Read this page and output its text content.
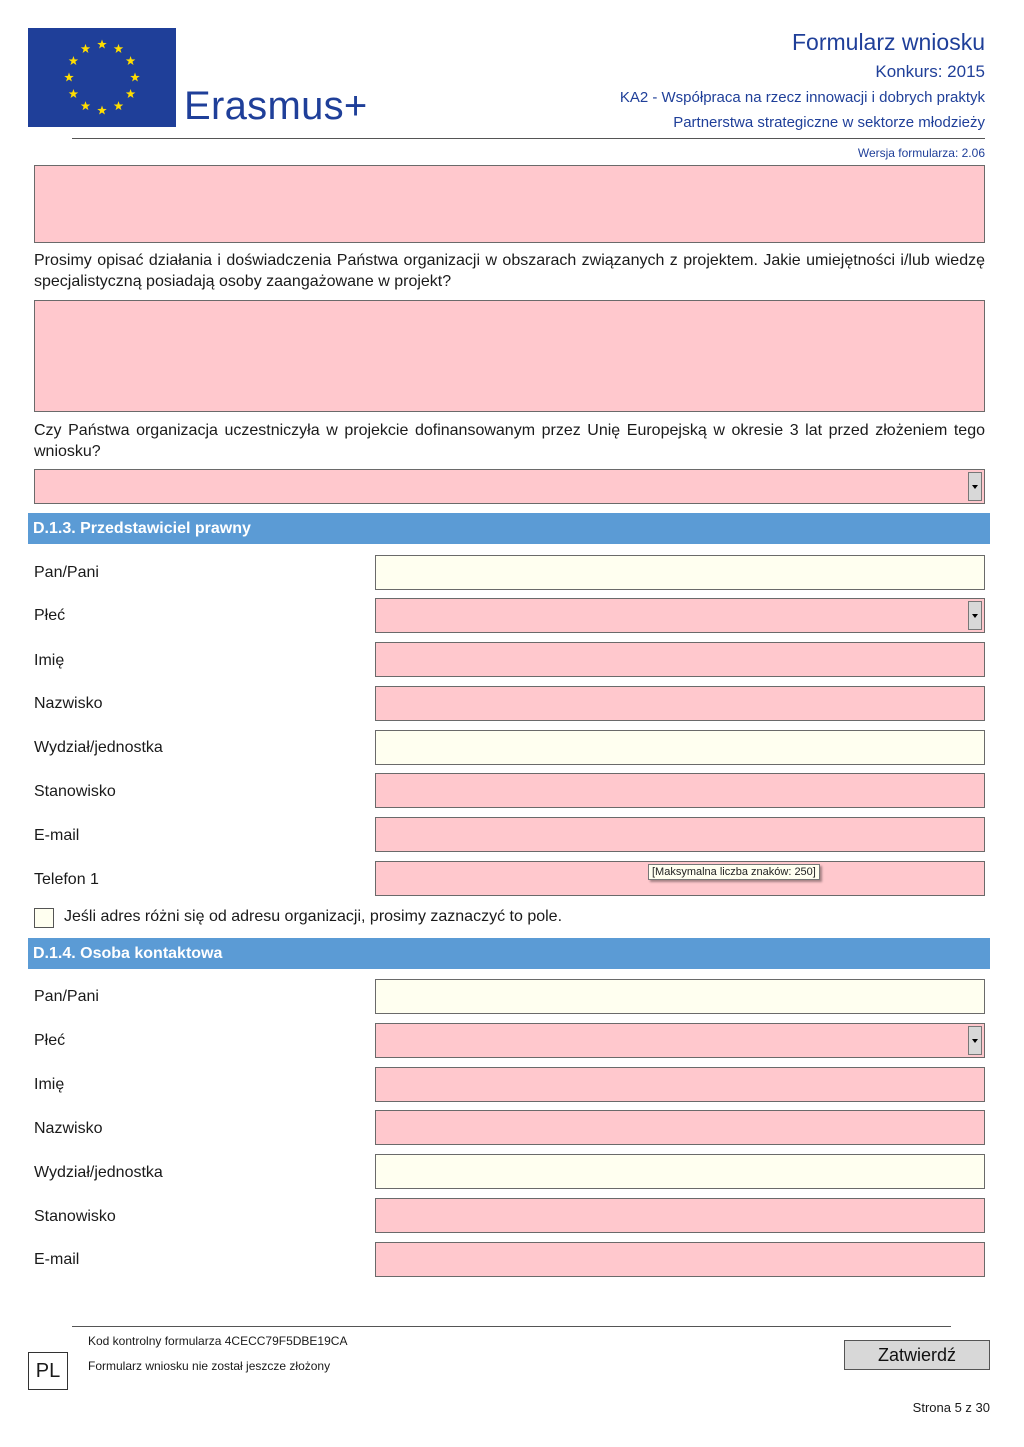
Erasmus+
Formularz wniosku
Konkurs: 2015
KA2 - Współpraca na rzecz innowacji i dobrych praktyk
Partnerstwa strategiczne w sektorze młodzieży
Wersja formularza: 2.06
Prosimy opisać działania i doświadczenia Państwa organizacji w obszarach związanych z projektem. Jakie umiejętności i/lub wiedzę specjalistyczną posiadają osoby zaangażowane w projekt?
Czy Państwa organizacja uczestniczyła w projekcie dofinansowanym przez Unię Europejską w okresie 3 lat przed złożeniem tego wniosku?
D.1.3. Przedstawiciel prawny
Pan/Pani
Płeć
Imię
Nazwisko
Wydział/jednostka
Stanowisko
E-mail
Telefon 1	[Maksymalna liczba znaków: 250]
Jeśli adres różni się od adresu organizacji, prosimy zaznaczyć to pole.
D.1.4. Osoba kontaktowa
Pan/Pani
Płeć
Imię
Nazwisko
Wydział/jednostka
Stanowisko
E-mail
Kod kontrolny formularza 4CECC79F5DBE19CA
Formularz wniosku nie został jeszcze złożony
PL
Zatwierdź
Strona 5 z 30
